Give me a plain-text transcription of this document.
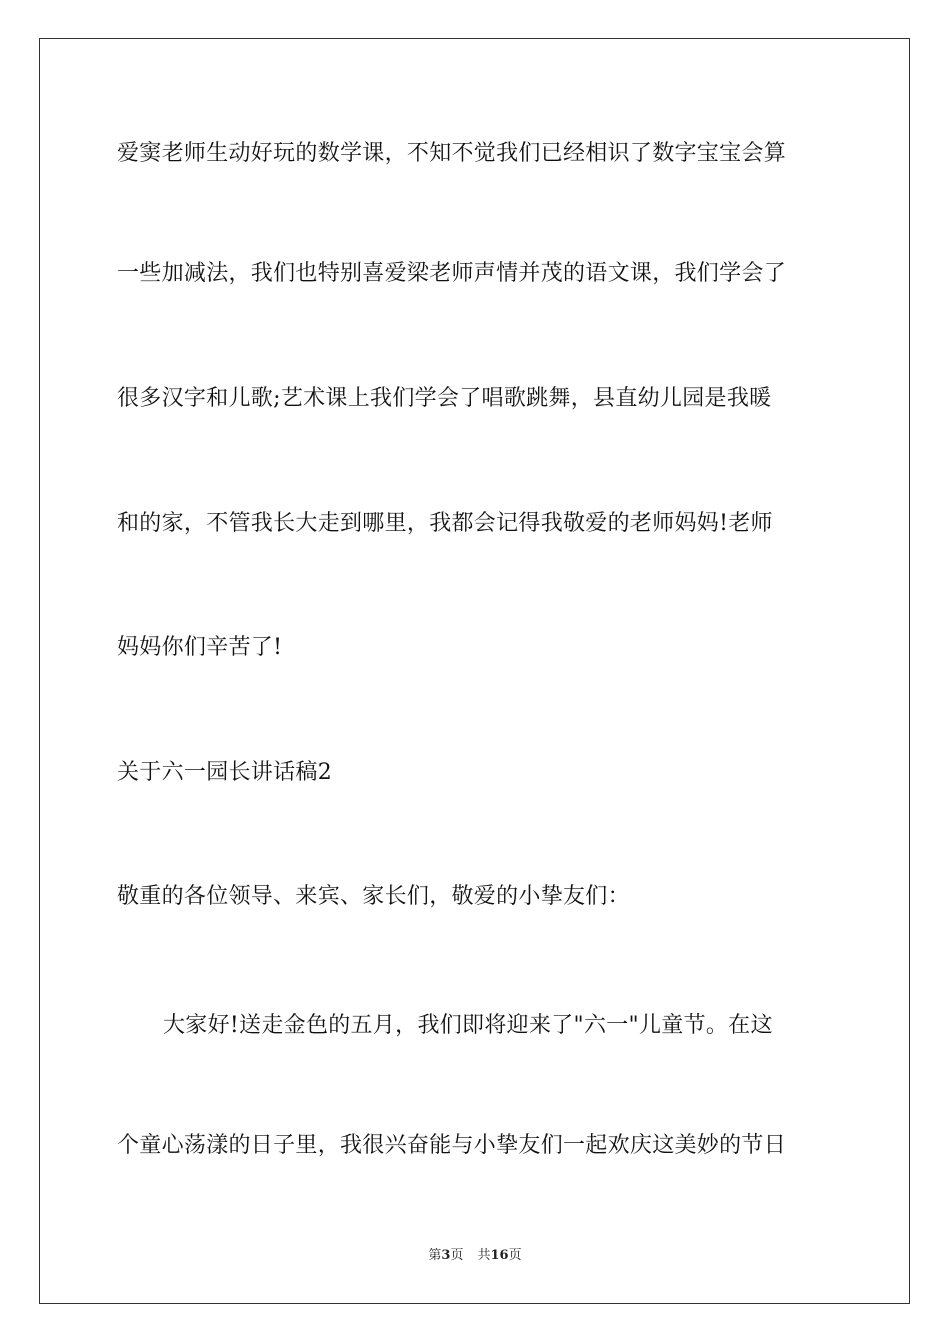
爱窦老师生动好玩的数学课，不知不觉我们已经相识了数字宝宝会算
一些加减法，我们也特别喜爱梁老师声情并茂的语文课，我们学会了
很多汉字和儿歌;艺术课上我们学会了唱歌跳舞，县直幼儿园是我暖
和的家，不管我长大走到哪里，我都会记得我敬爱的老师妈妈!老师
妈妈你们辛苦了!
关于六一园长讲话稿2
敬重的各位领导、来宾、家长们，敬爱的小挚友们：
大家好!送走金色的五月，我们即将迎来了"六一"儿童节。在这
个童心荡漾的日子里，我很兴奋能与小挚友们一起欢庆这美妙的节日
第3页 共16页
